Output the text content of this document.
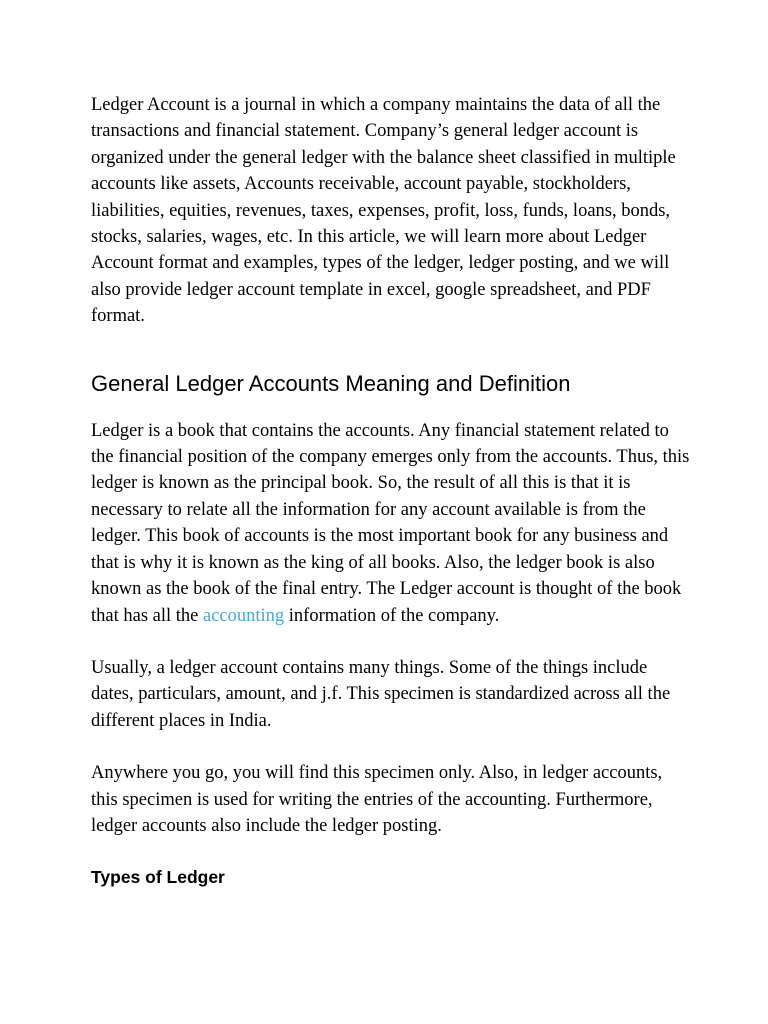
Ledger Account is a journal in which a company maintains the data of all the transactions and financial statement. Company’s general ledger account is organized under the general ledger with the balance sheet classified in multiple accounts like assets, Accounts receivable, account payable, stockholders, liabilities, equities, revenues, taxes, expenses, profit, loss, funds, loans, bonds, stocks, salaries, wages, etc. In this article, we will learn more about Ledger Account format and examples, types of the ledger, ledger posting, and we will also provide ledger account template in excel, google spreadsheet, and PDF format.

General Ledger Accounts Meaning and Definition

Ledger is a book that contains the accounts. Any financial statement related to the financial position of the company emerges only from the accounts. Thus, this ledger is known as the principal book. So, the result of all this is that it is necessary to relate all the information for any account available is from the ledger. This book of accounts is the most important book for any business and that is why it is known as the king of all books. Also, the ledger book is also known as the book of the final entry. The Ledger account is thought of the book that has all the accounting information of the company.

Usually, a ledger account contains many things. Some of the things include dates, particulars, amount, and j.f. This specimen is standardized across all the different places in India.

Anywhere you go, you will find this specimen only. Also, in ledger accounts, this specimen is used for writing the entries of the accounting. Furthermore, ledger accounts also include the ledger posting.

Types of Ledger
